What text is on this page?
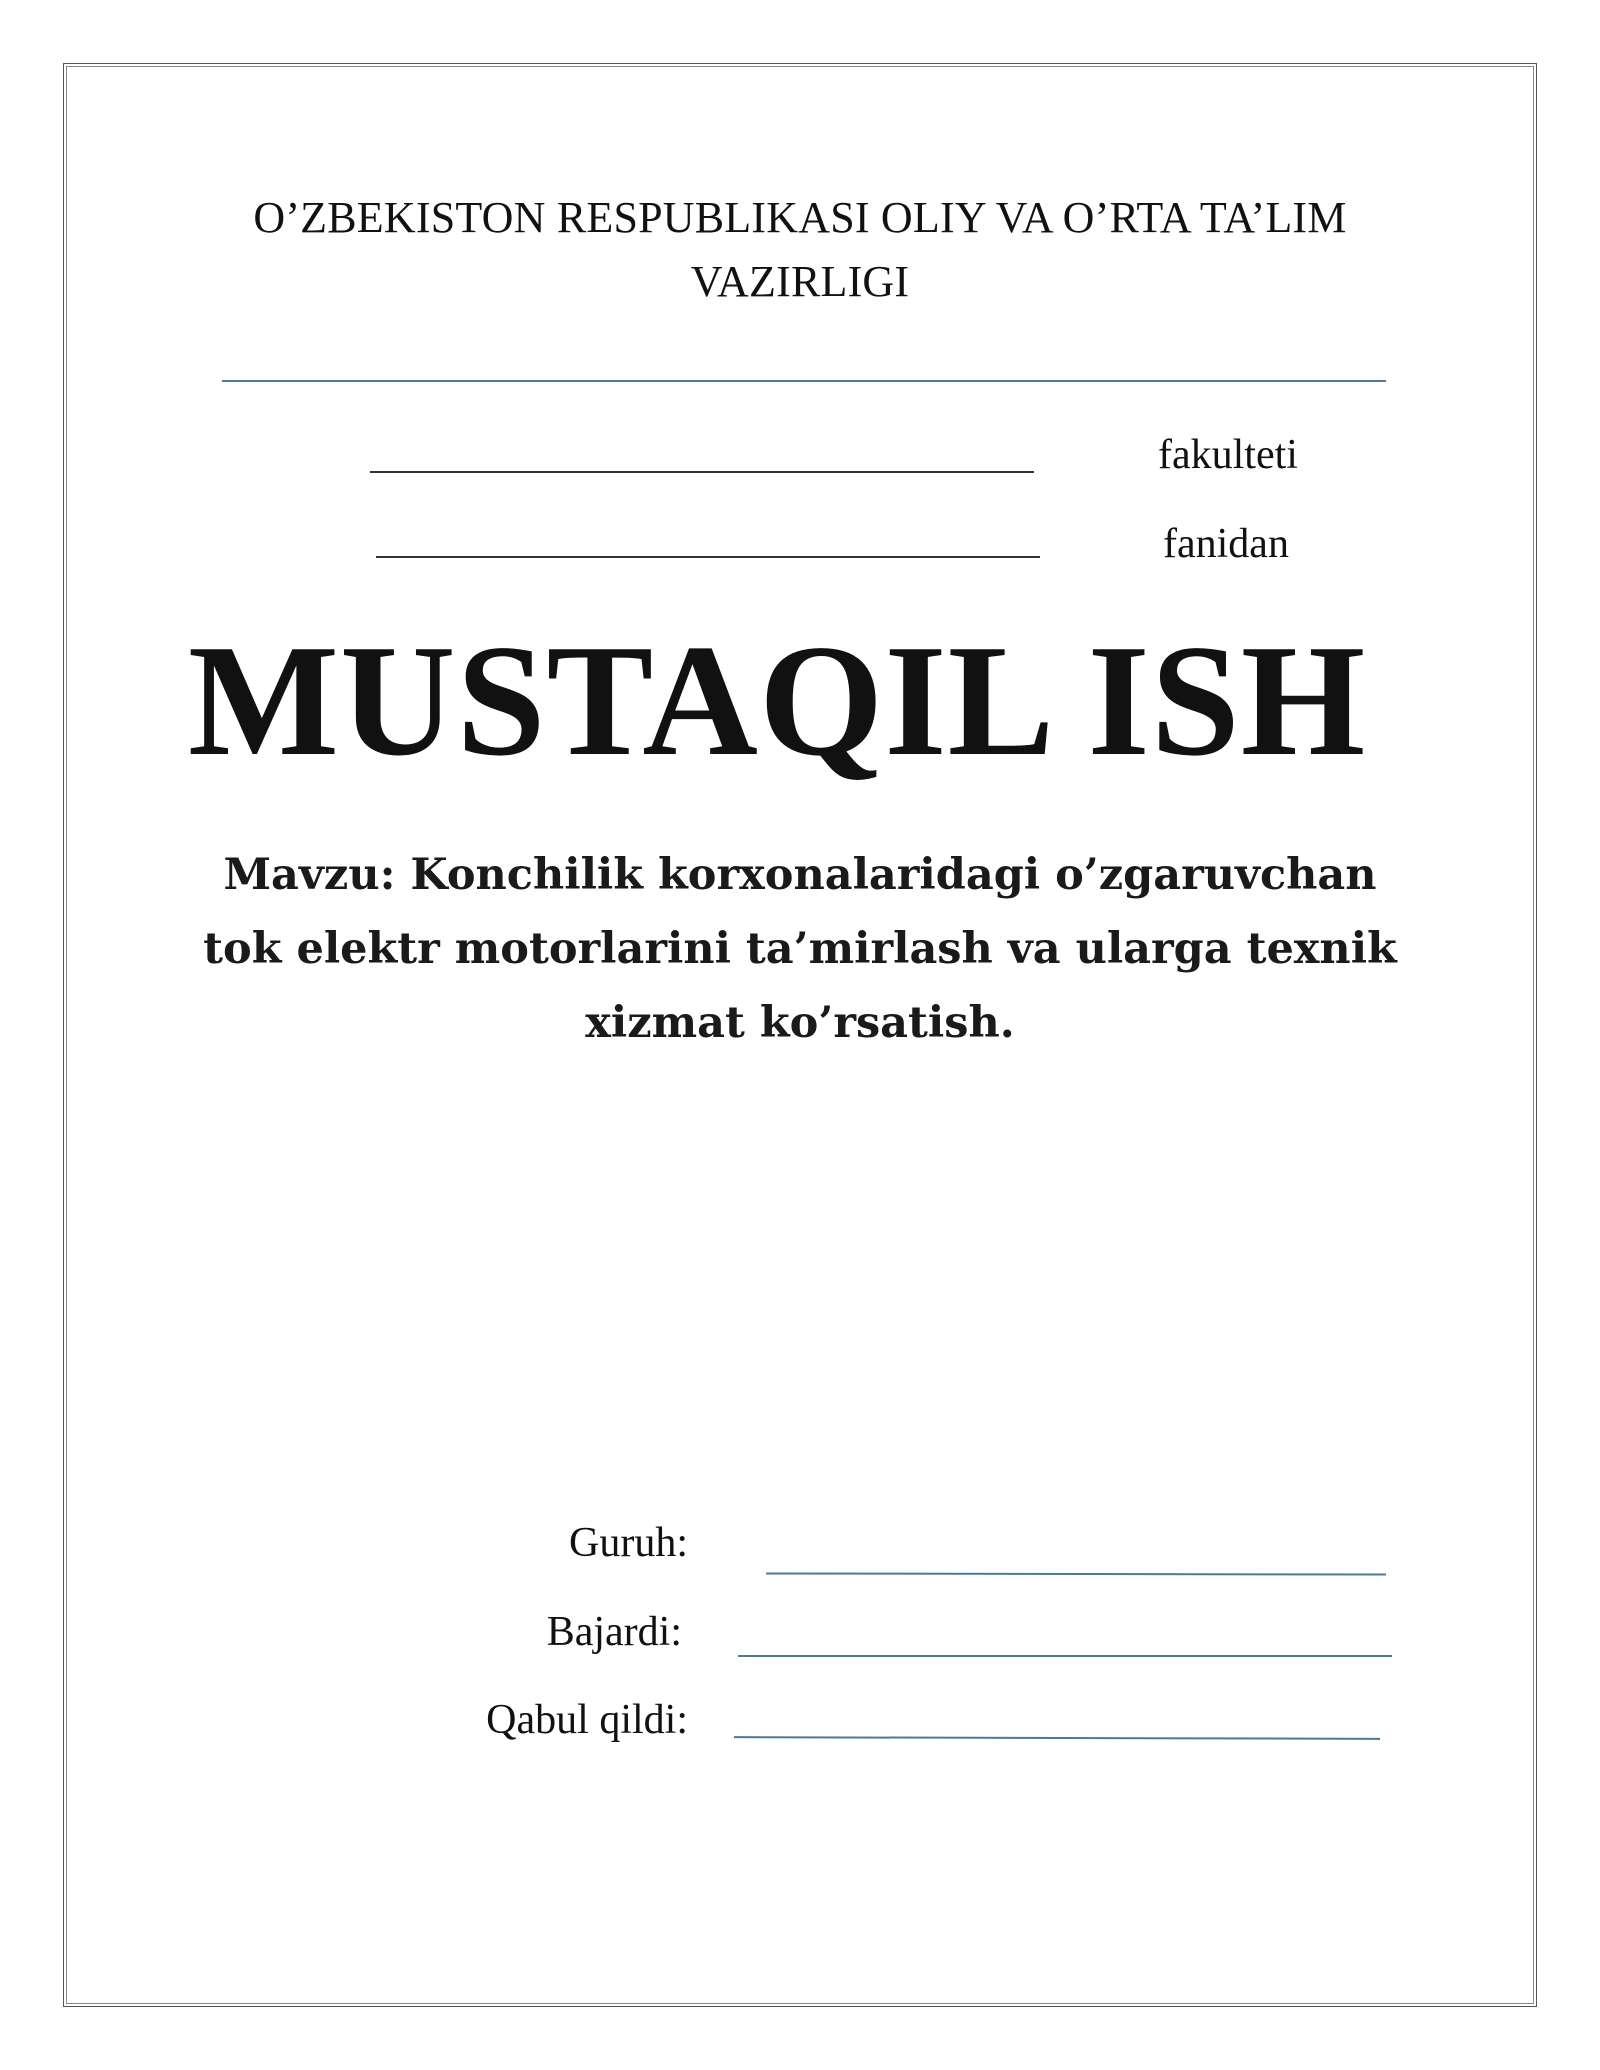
O’ZBEKISTON RESPUBLIKASI OLIY VA O’RTA TA’LIM
VAZIRLIGI
fakulteti
fanidan
MUSTAQIL ISH
Mavzu: Konchilik korxonalaridagi o’zgaruvchan
tok elektr motorlarini ta’mirlash va ularga texnik
xizmat ko’rsatish.
Guruh:
Bajardi:
Qabul qildi:
